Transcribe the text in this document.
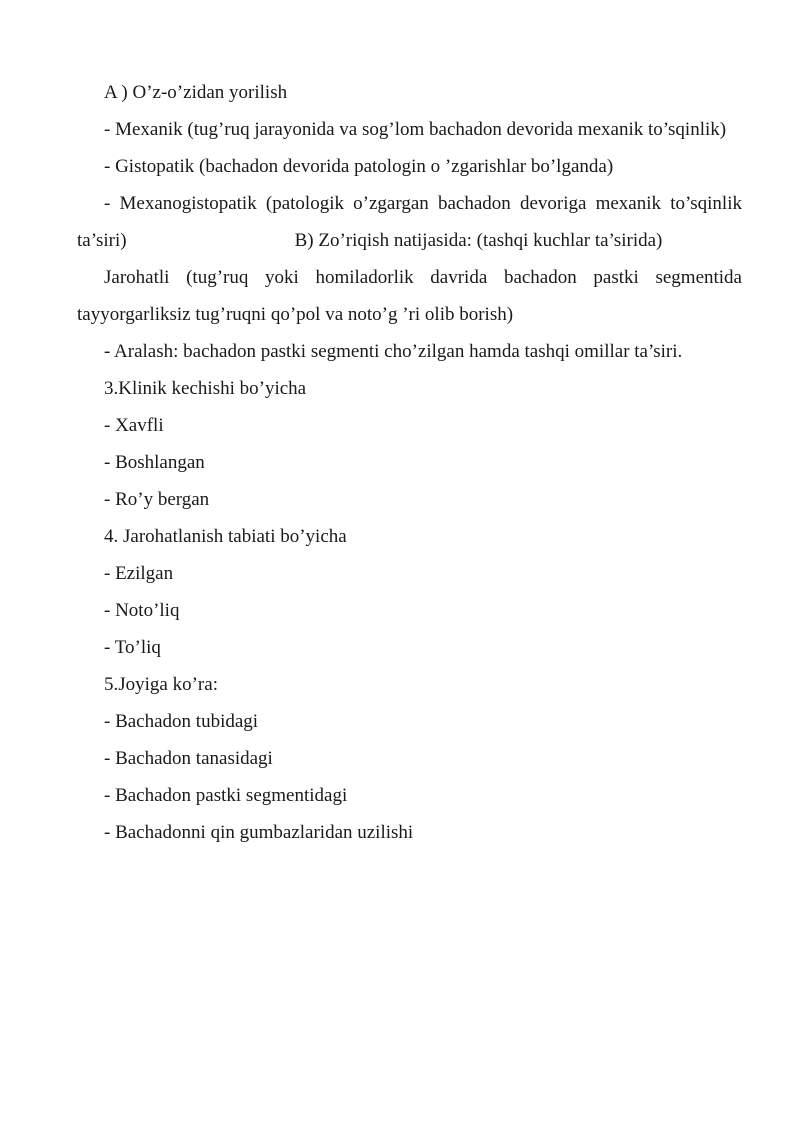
A ) O’z-o’zidan yorilish

- Mexanik (tug’ruq jarayonida va sog’lom bachadon devorida mexanik to’sqinlik)

- Gistopatik (bachadon devorida patologin o ’zgarishlar bo’lganda)

- Mexanogistopatik (patologik o’zgargan bachadon devoriga mexanik to’sqinlik ta’siri)	B) Zo’riqish natijasida: (tashqi kuchlar ta’sirida)

Jarohatli (tug’ruq yoki homiladorlik davrida bachadon pastki segmentida tayyorgarliksiz tug’ruqni qo’pol va noto’g ’ri olib borish)

- Aralash: bachadon pastki segmenti cho’zilgan hamda tashqi omillar ta’siri.

3.Klinik kechishi bo’yicha

- Xavfli

- Boshlangan

- Ro’y bergan

4. Jarohatlanish tabiati bo’yicha

- Ezilgan

- Noto’liq

- To’liq

5.Joyiga ko’ra:

- Bachadon tubidagi

- Bachadon tanasidagi

- Bachadon pastki segmentidagi

- Bachadonni qin gumbazlaridan uzilishi
